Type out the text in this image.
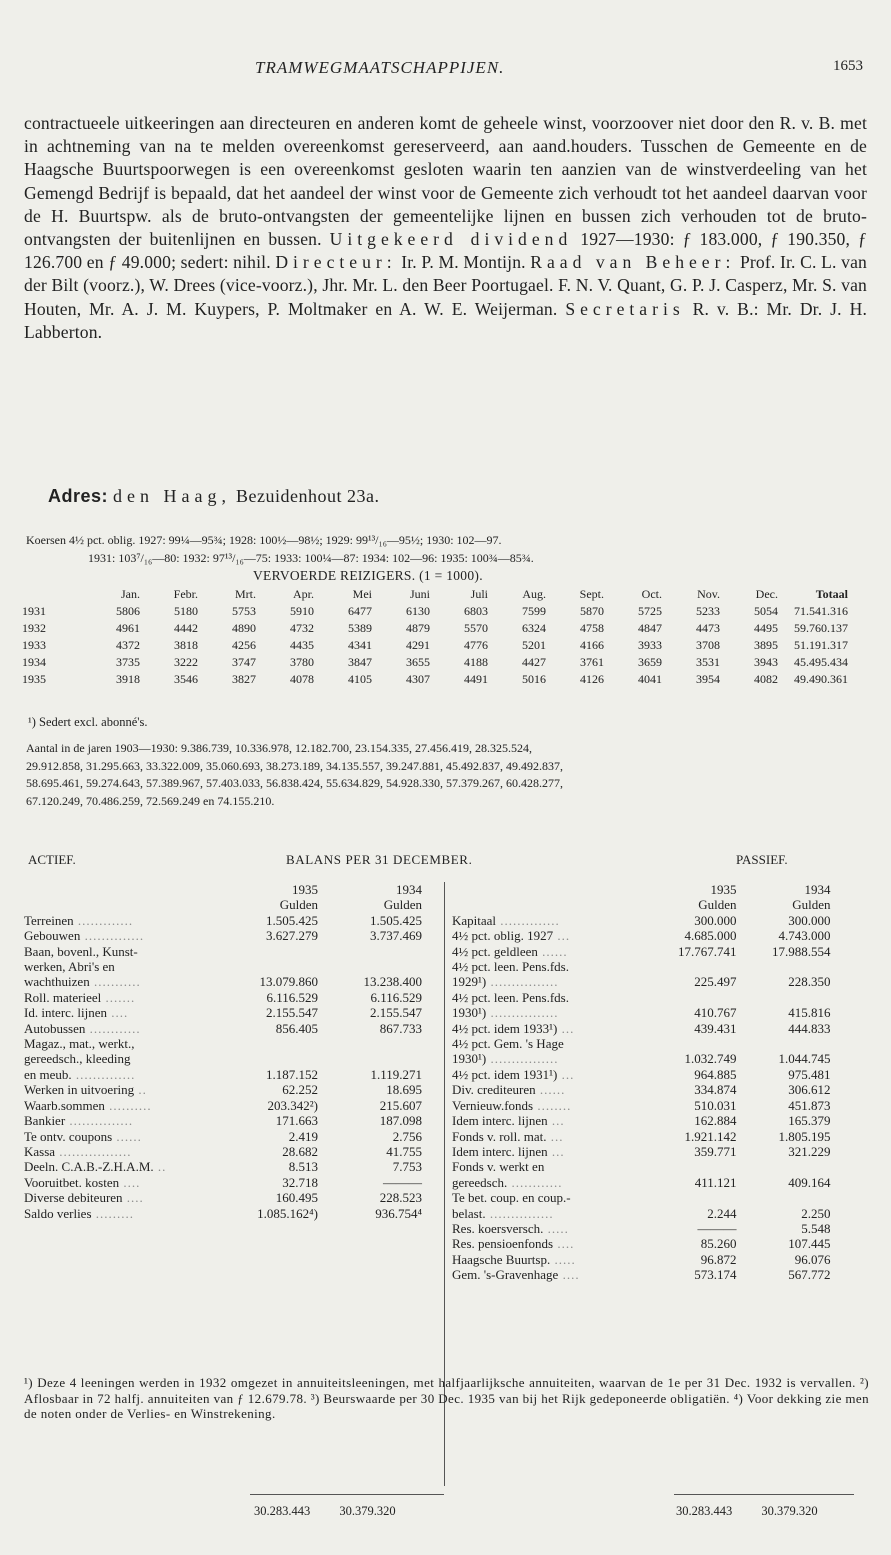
TRAMWEGMAATSCHAPPIJEN.	1653

contractueele uitkeeringen aan directeuren en anderen komt de geheele winst, voorzoover niet door den R. v. B. met in achtneming van na te melden overeenkomst gereserveerd, aan aand.houders. Tusschen de Gemeente en de Haagsche Buurtspoorwegen is een overeenkomst gesloten waarin ten aanzien van de winstverdeeling van het Gemengd Bedrijf is bepaald, dat het aandeel der winst voor de Gemeente zich verhoudt tot het aandeel daarvan voor de H. Buurtspw. als de bruto-ontvangsten der gemeentelijke lijnen en bussen zich verhouden tot de bruto-ontvangsten der buitenlijnen en bussen. Uitgekeerd dividend 1927—1930: ƒ 183.000, ƒ 190.350, ƒ 126.700 en ƒ 49.000; sedert: nihil. Directeur: Ir. P. M. Montijn. Raad van Beheer: Prof. Ir. C. L. van der Bilt (voorz.), W. Drees (vice-voorz.), Jhr. Mr. L. den Beer Poortugael. F. N. V. Quant, G. P. J. Casperz, Mr. S. van Houten, Mr. A. J. M. Kuypers, P. Moltmaker en A. W. E. Weijerman. Secretaris R. v. B.: Mr. Dr. J. H. Labberton.

Adres: den Haag, Bezuidenhout 23a.

Koersen 4½ pct. oblig. 1927: 99¼—95¾; 1928: 100½—98½; 1929: 99¹³/₁₆—95½; 1930: 102—97.

1931: 103⁷/₁₆—80: 1932: 97¹³/₁₆—75: 1933: 100¼—87: 1934: 102—96: 1935: 100¾—85¾.

VERVOERDE REIZIGERS. (1 = 1000).
	Jan.	Febr.	Mrt.	Apr.	Mei	Juni	Juli	Aug.	Sept.	Oct.	Nov.	Dec.	Totaal
1931	5806	5180	5753	5910	6477	6130	6803	7599	5870	5725	5233	5054	71.541.316
1932	4961	4442	4890	4732	5389	4879	5570	6324	4758	4847	4473	4495	59.760.137
1933	4372	3818	4256	4435	4341	4291	4776	5201	4166	3933	3708	3895	51.191.317
1934	3735	3222	3747	3780	3847	3655	4188	4427	3761	3659	3531	3943	45.495.434
1935	3918	3546	3827	4078	4105	4307	4491	5016	4126	4041	3954	4082	49.490.361
¹) Sedert excl. abonné's.

Aantal in de jaren 1903—1930: 9.386.739, 10.336.978, 12.182.700, 23.154.335, 27.456.419, 28.325.524,

29.912.858, 31.295.663, 33.322.009, 35.060.693, 38.273.189, 34.135.557, 39.247.881, 45.492.837, 49.492.837,

58.695.461, 59.274.643, 57.389.967, 57.403.033, 56.838.424, 55.634.829, 54.928.330, 57.379.267, 60.428.277,

67.120.249, 70.486.259, 72.569.249 en 74.155.210.

ACTIEF.	BALANS PER 31 DECEMBER.	PASSIEF.
	1935	1934
	Gulden	Gulden
Terreinen .............	1.505.425	1.505.425
Gebouwen ..............	3.627.279	3.737.469
Baan, bovenl., Kunst-		
werken, Abri's en		
wachthuizen ...........	13.079.860	13.238.400
Roll. materieel .......	6.116.529	6.116.529
Id. interc. lijnen ....	2.155.547	2.155.547
Autobussen ............	856.405	867.733
Magaz., mat., werkt.,		
gereedsch., kleeding		
en meub. ..............	1.187.152	1.119.271
Werken in uitvoering ..	62.252	18.695
Waarb.sommen ..........	203.342²)	215.607
Bankier ...............	171.663	187.098
Te ontv. coupons ......	2.419	2.756
Kassa .................	28.682	41.755
Deeln. C.A.B.-Z.H.A.M. ..	8.513	7.753
Vooruitbet. kosten ....	32.718	———
Diverse debiteuren ....	160.495	228.523
Saldo verlies .........	1.085.162⁴)	936.754⁴
	1935	1934
	Gulden	Gulden
Kapitaal ..............	300.000	300.000
4½ pct. oblig. 1927 ...	4.685.000	4.743.000
4½ pct. geldleen ......	17.767.741	17.988.554
4½ pct. leen. Pens.fds.		
1929¹) ................	225.497	228.350
4½ pct. leen. Pens.fds.		
1930¹) ................	410.767	415.816
4½ pct. idem 1933¹) ...	439.431	444.833
4½ pct. Gem. 's Hage		
1930¹) ................	1.032.749	1.044.745
4½ pct. idem 1931¹) ...	964.885	975.481
Div. crediteuren ......	334.874	306.612
Vernieuw.fonds ........	510.031	451.873
Idem interc. lijnen ...	162.884	165.379
Fonds v. roll. mat. ...	1.921.142	1.805.195
Idem interc. lijnen ...	359.771	321.229
Fonds v. werkt en		
gereedsch. ............	411.121	409.164
Te bet. coup. en coup.-		
belast. ...............	2.244	2.250
Res. koersversch. .....	———	5.548
Res. pensioenfonds ....	85.260	107.445
Haagsche Buurtsp. .....	96.872	96.076
Gem. 's-Gravenhage ....	573.174	567.772
30.283.443 30.379.320	30.283.443 30.379.320

¹) Deze 4 leeningen werden in 1932 omgezet in annuiteitsleeningen, met halfjaarlijksche annuiteiten, waarvan de 1e per 31 Dec. 1932 is vervallen. ²) Aflosbaar in 72 halfj. annuiteiten van ƒ 12.679.78. ³) Beurswaarde per 30 Dec. 1935 van bij het Rijk gedeponeerde obligatiën. ⁴) Voor dekking zie men de noten onder de Verlies- en Winstrekening.
